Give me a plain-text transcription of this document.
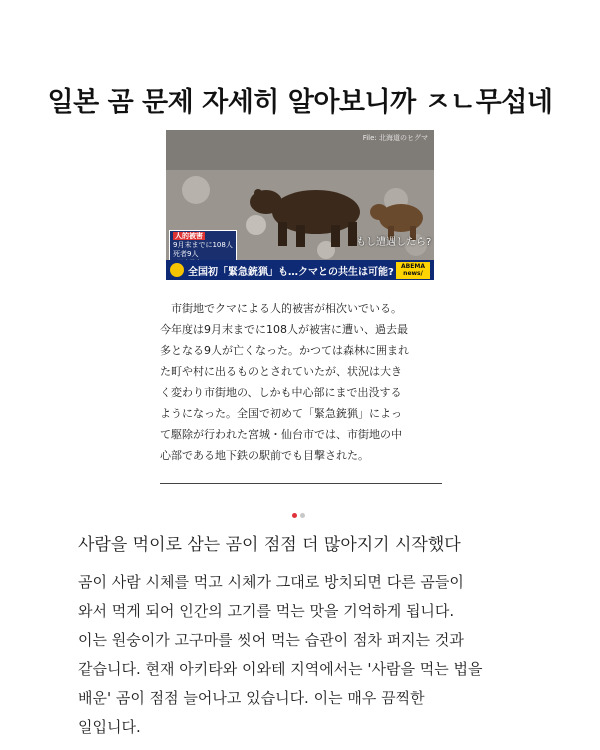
일본 곰 문제 자세히 알아보니까 ㅈㄴ무섭네
File: 北海道のヒグマ
もし遭遇したら?
人的被害
9月末までに108人
死者9人
全国初「緊急銃猟」も…クマとの共生は可能?
ABEMA
news/
　市街地でクマによる人的被害が相次いでいる。
今年度は9月末までに108人が被害に遭い、過去最
多となる9人が亡くなった。かつては森林に囲まれ
た町や村に出るものとされていたが、状況は大き
く変わり市街地の、しかも中心部にまで出没する
ようになった。全国で初めて「緊急銃猟」によっ
て駆除が行われた宮城・仙台市では、市街地の中
心部である地下鉄の駅前でも目撃された。
사람을 먹이로 삼는 곰이 점점 더 많아지기 시작했다
곰이 사람 시체를 먹고 시체가 그대로 방치되면 다른 곰들이
와서 먹게 되어 인간의 고기를 먹는 맛을 기억하게 됩니다.
이는 원숭이가 고구마를 씻어 먹는 습관이 점차 퍼지는 것과
같습니다. 현재 아키타와 이와테 지역에서는 '사람을 먹는 법을
배운' 곰이 점점 늘어나고 있습니다. 이는 매우 끔찍한
일입니다.
